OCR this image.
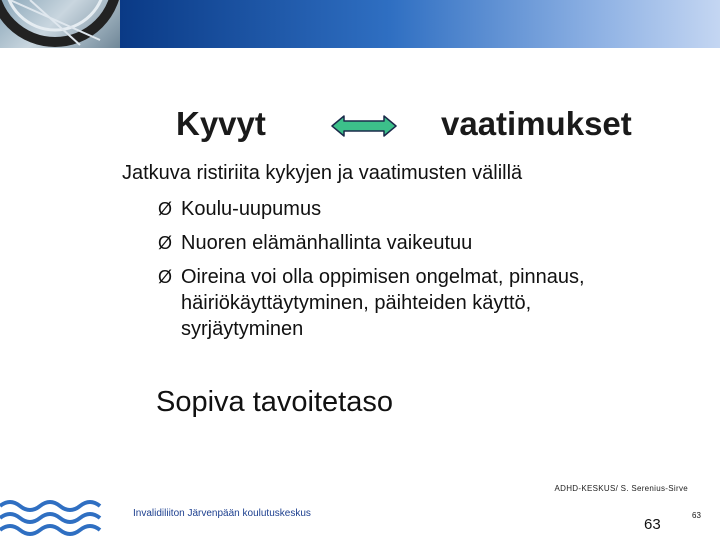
Kyvyt	vaatimukset
Jatkuva ristiriita kykyjen ja vaatimusten välillä
Ø Koulu-uupumus
Ø Nuoren elämänhallinta vaikeutuu
Ø Oireina voi olla oppimisen ongelmat, pinnaus,
häiriökäyttäytyminen, päihteiden käyttö,
syrjäytyminen
Sopiva tavoitetaso
ADHD-KESKUS/ S. Serenius-Sirve
Invalidiliiton Järvenpään koulutuskeskus
63
63
